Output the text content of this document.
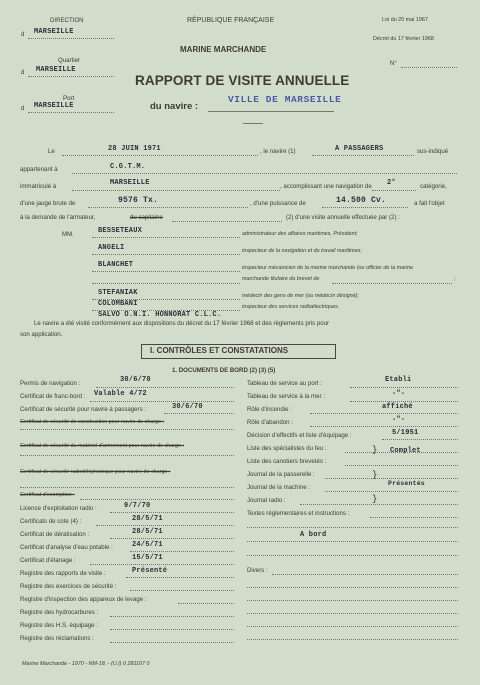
DIRECTION
d MARSEILLE
RÉPUBLIQUE FRANÇAISE	Loi du 20 mai 1967
Décret du 17 février 1968
MARINE MARCHANDE
Quartier
d MARSEILLE
N°
RAPPORT DE VISITE ANNUELLE
Port
d MARSEILLE	du navire :
VILLE DE MARSEILLE
Le	28 JUIN 1971	, le navire (1)	A PASSAGERS	sus-indiqué
appartenant à	C.G.T.M.
immatriculé à	MARSEILLE	, accomplissant une navigation de 2°	catégorie,
d'une jauge brute de	9576 Tx.	, d'une puissance de	14.500 Cv.	a fait l'objet
à la demande de l'armateur,	du capitaine	(2) d'une visite annuelle effectuée par (2) :
MM.	BESSETEAUX	administrateur des affaires maritimes, Président;
ANGELI	inspecteur de la navigation et du travail maritimes;
BLANCHET	inspecteur mécanicien de la marine marchande (ou officier de la marine
marchande titulaire du brevet de	;
STEFANIAK	médecin des gens de mer (ou médecin désigné);
COLOMBANI	inspecteur des services radioélectriques.
SALVO O.N.I. HONNORAT C.L.C.
Le navire a été visité conformément aux dispositions du décret du 17 février 1968 et des règlements pris pour
son application.
I. CONTRÔLES ET CONSTATATIONS
1. DOCUMENTS DE BORD (2) (3) (5)
Permis de navigation :	30/6/70
Certificat de franc-bord : Valable 4/72
Certificat de sécurité pour navire à passagers :	30/6/70
Certificat de sécurité de construction pour navire de charge :
Certificat de sécurité du matériel d'armement pour navire de charge :
Certificat de sécurité radiotéléphonique pour navire de charge :
Certificat d'exemption :
Licence d'exploitation radio :	9/7/70
Certificats de cote (4) :	28/5/71
Certificat de dératisation :	28/5/71
Certificat d'analyse d'eau potable :	24/5/71
Certificat d'étanage :	15/5/71
Registre des rapports de visite :	Présenté
Registre des exercices de sécurité :
Registre d'inspection des appareux de levage :
Registre des hydrocarbures :
Registre des H.S. équipage :
Registre des réclamations :
Tableau de service au port :	Etabli
Tableau de service à la mer :	-"-
Rôle d'incendie :	affiché
Rôle d'abandon :	-"-
Décision d'effectifs et liste d'équipage :	5/1951
Liste des spécialistes du feu :	} Complet
Liste des canotiers brevetés :
Journal de la passerelle :	}
Journal de la machine :
Présentés
Journal radio :	}
Textes réglementaires et instructions :
A bord
Divers :
Marine Marchande - 1970 - NM-18. - (U.I) 0 281107 0
